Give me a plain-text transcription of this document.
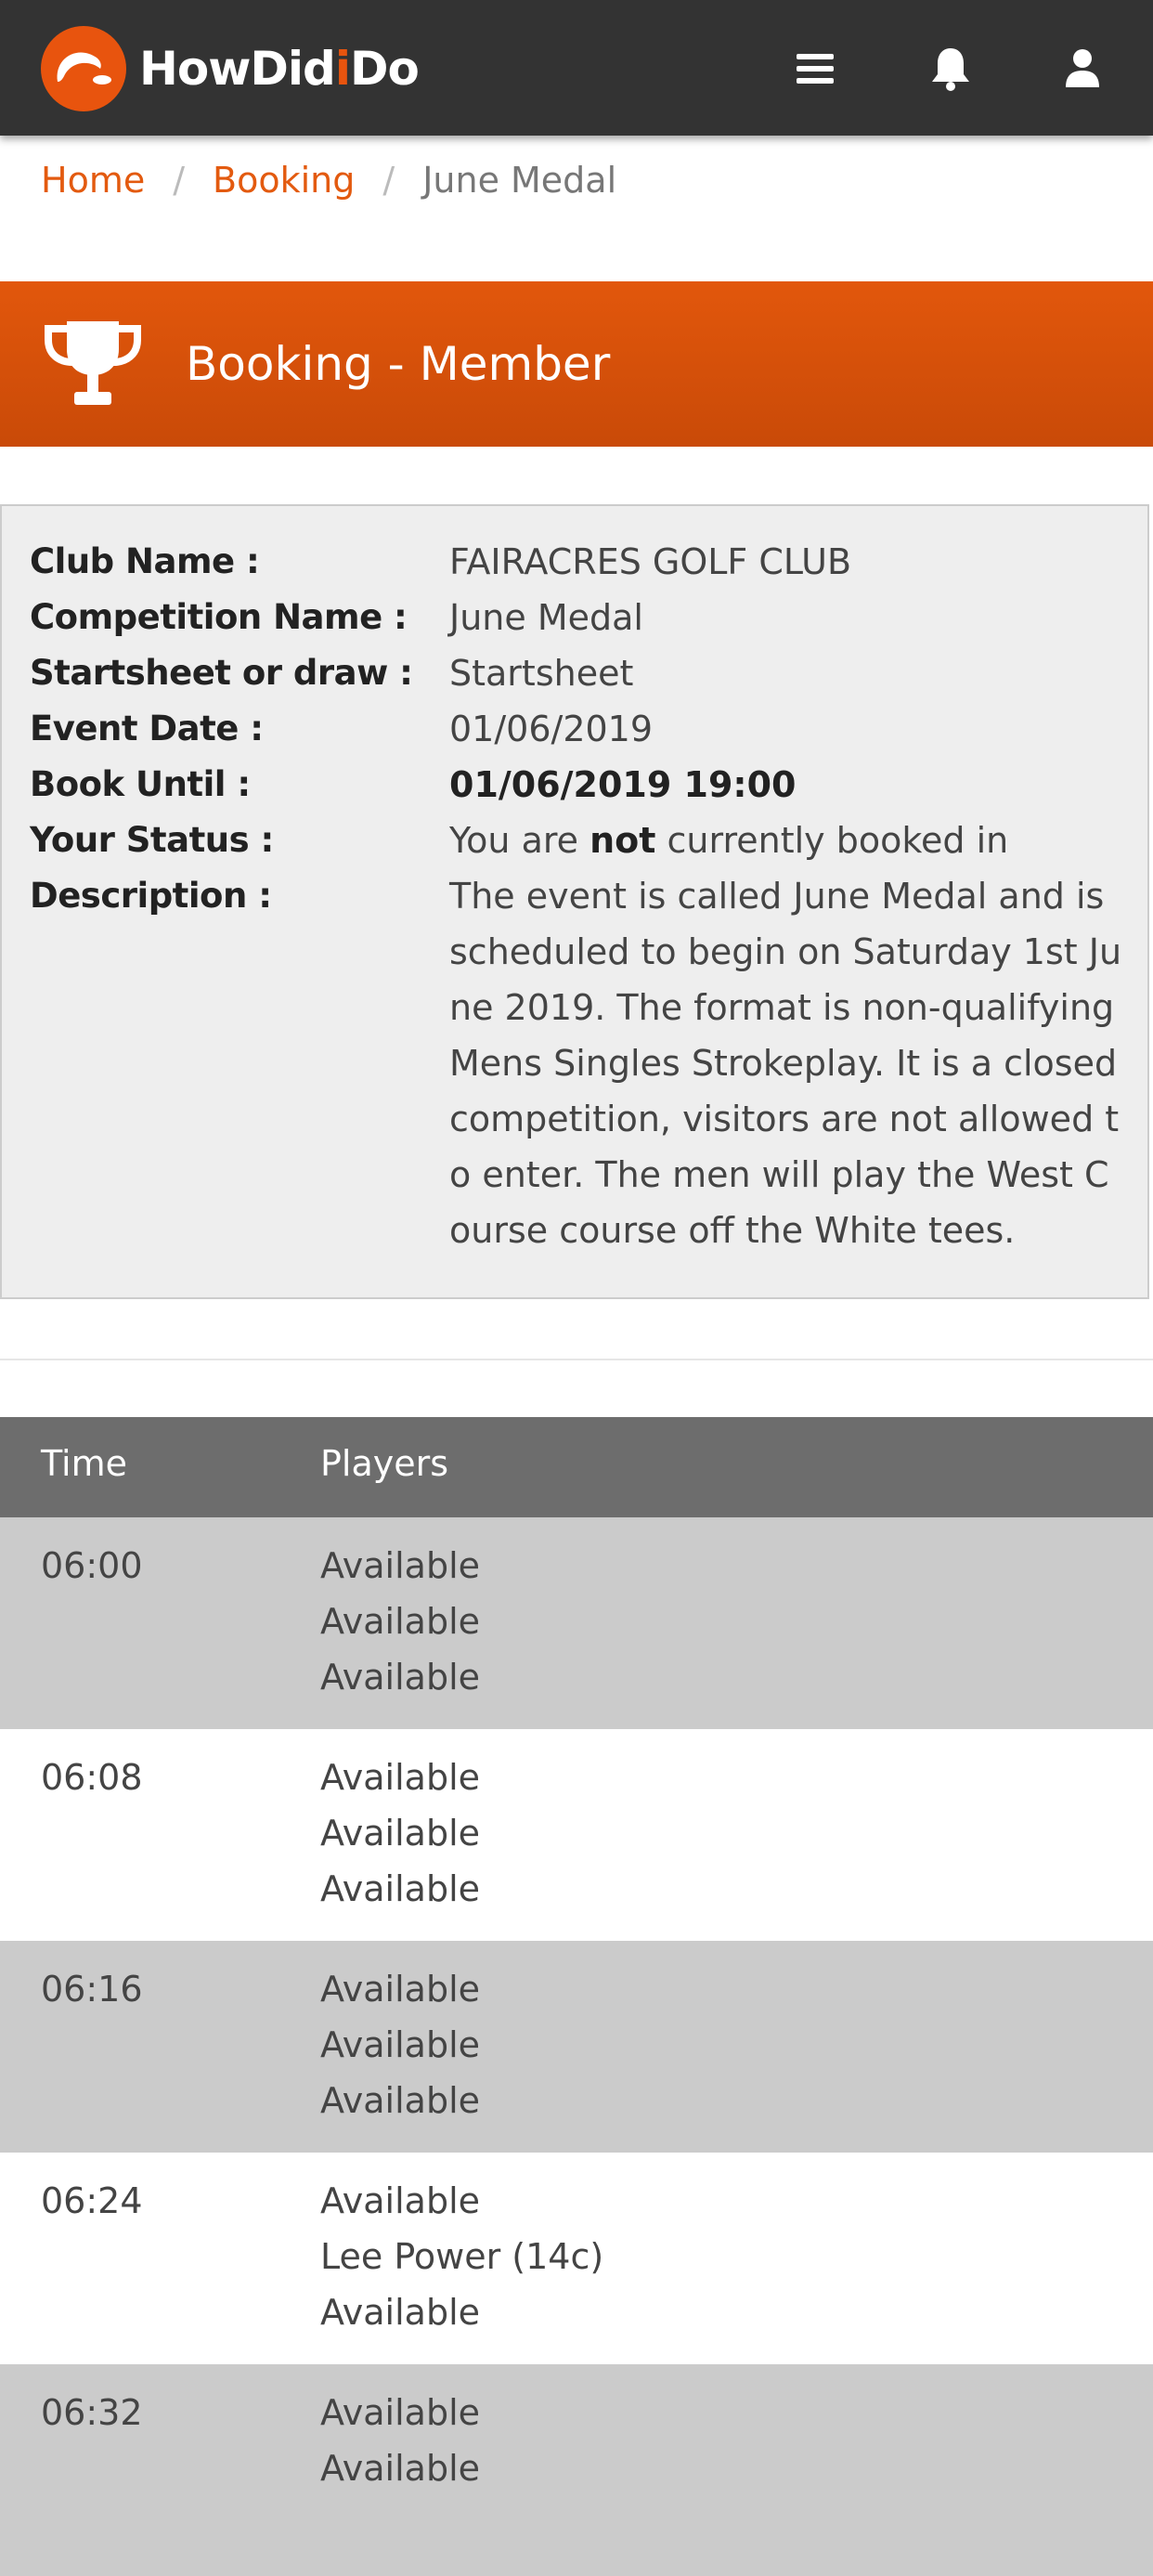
HowDidiDo
Home / Booking / June Medal
Booking - Member
Club Name :	FAIRACRES GOLF CLUB
Competition Name :	June Medal
Startsheet or draw :	Startsheet
Event Date :	01/06/2019
Book Until :	01/06/2019 19:00
Your Status :	You are not currently booked in
Description :	The event is called June Medal and is scheduled to begin on Saturday 1st June 2019. The format is non-qualifying Mens Singles Strokeplay. It is a closed competition, visitors are not allowed to enter. The men will play the West Course course off the White tees.
Time	Players
06:00	Available
Available
Available
06:08	Available
Available
Available
06:16	Available
Available
Available
06:24	Available
Lee Power (14c)
Available
06:32	Available
Available
